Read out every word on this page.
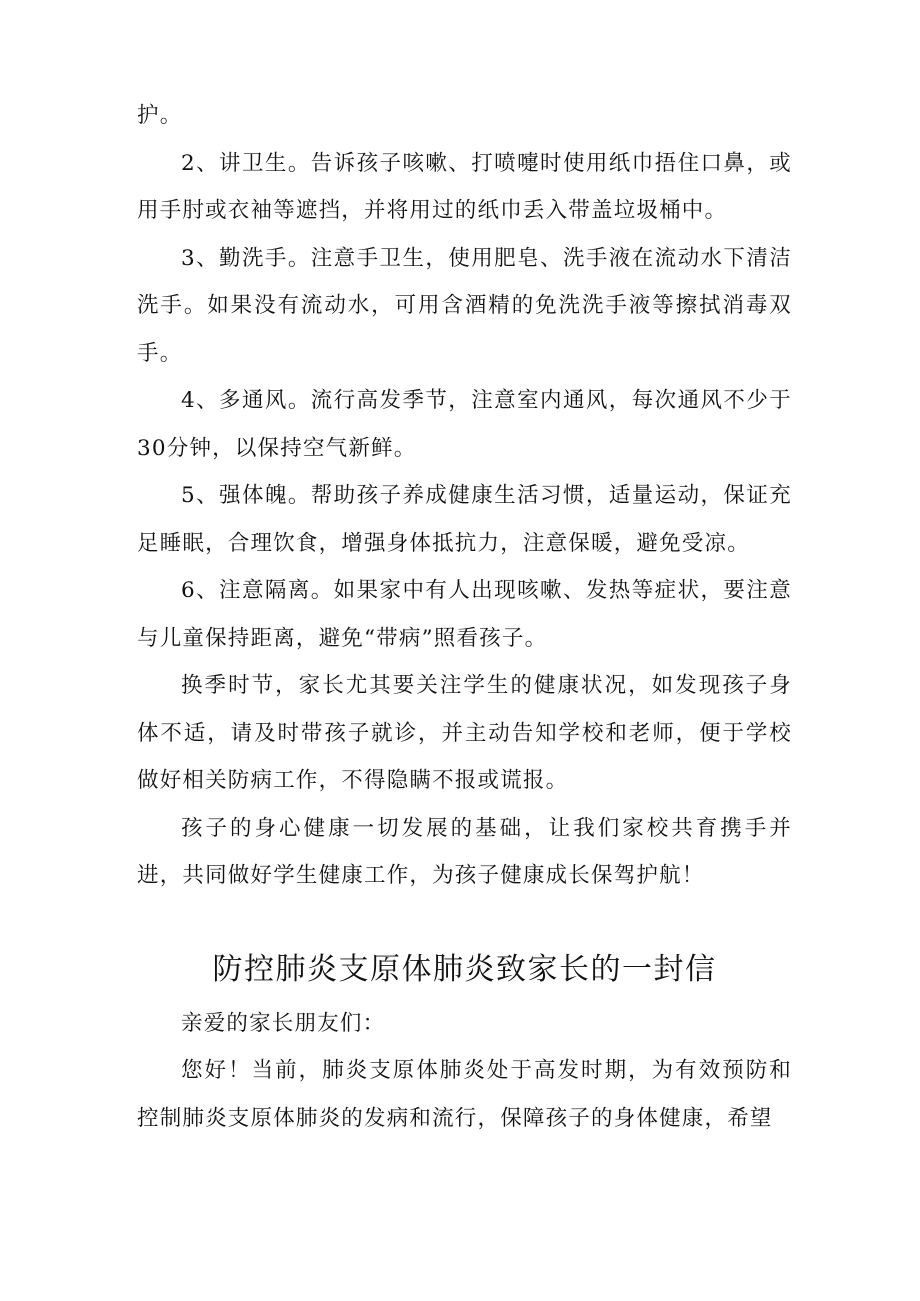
护。

2、讲卫生。告诉孩子咳嗽、打喷嚏时使用纸巾捂住口鼻，或用手肘或衣袖等遮挡，并将用过的纸巾丢入带盖垃圾桶中。

3、勤洗手。注意手卫生，使用肥皂、洗手液在流动水下清洁洗手。如果没有流动水，可用含酒精的免洗洗手液等擦拭消毒双手。

4、多通风。流行高发季节，注意室内通风，每次通风不少于30分钟，以保持空气新鲜。

5、强体魄。帮助孩子养成健康生活习惯，适量运动，保证充足睡眠，合理饮食，增强身体抵抗力，注意保暖，避免受凉。

6、注意隔离。如果家中有人出现咳嗽、发热等症状，要注意与儿童保持距离，避免“带病”照看孩子。

换季时节，家长尤其要关注学生的健康状况，如发现孩子身体不适，请及时带孩子就诊，并主动告知学校和老师，便于学校做好相关防病工作，不得隐瞒不报或谎报。

孩子的身心健康一切发展的基础，让我们家校共育携手并进，共同做好学生健康工作，为孩子健康成长保驾护航！

防控肺炎支原体肺炎致家长的一封信

亲爱的家长朋友们：

您好！当前，肺炎支原体肺炎处于高发时期，为有效预防和控制肺炎支原体肺炎的发病和流行，保障孩子的身体健康，希望
